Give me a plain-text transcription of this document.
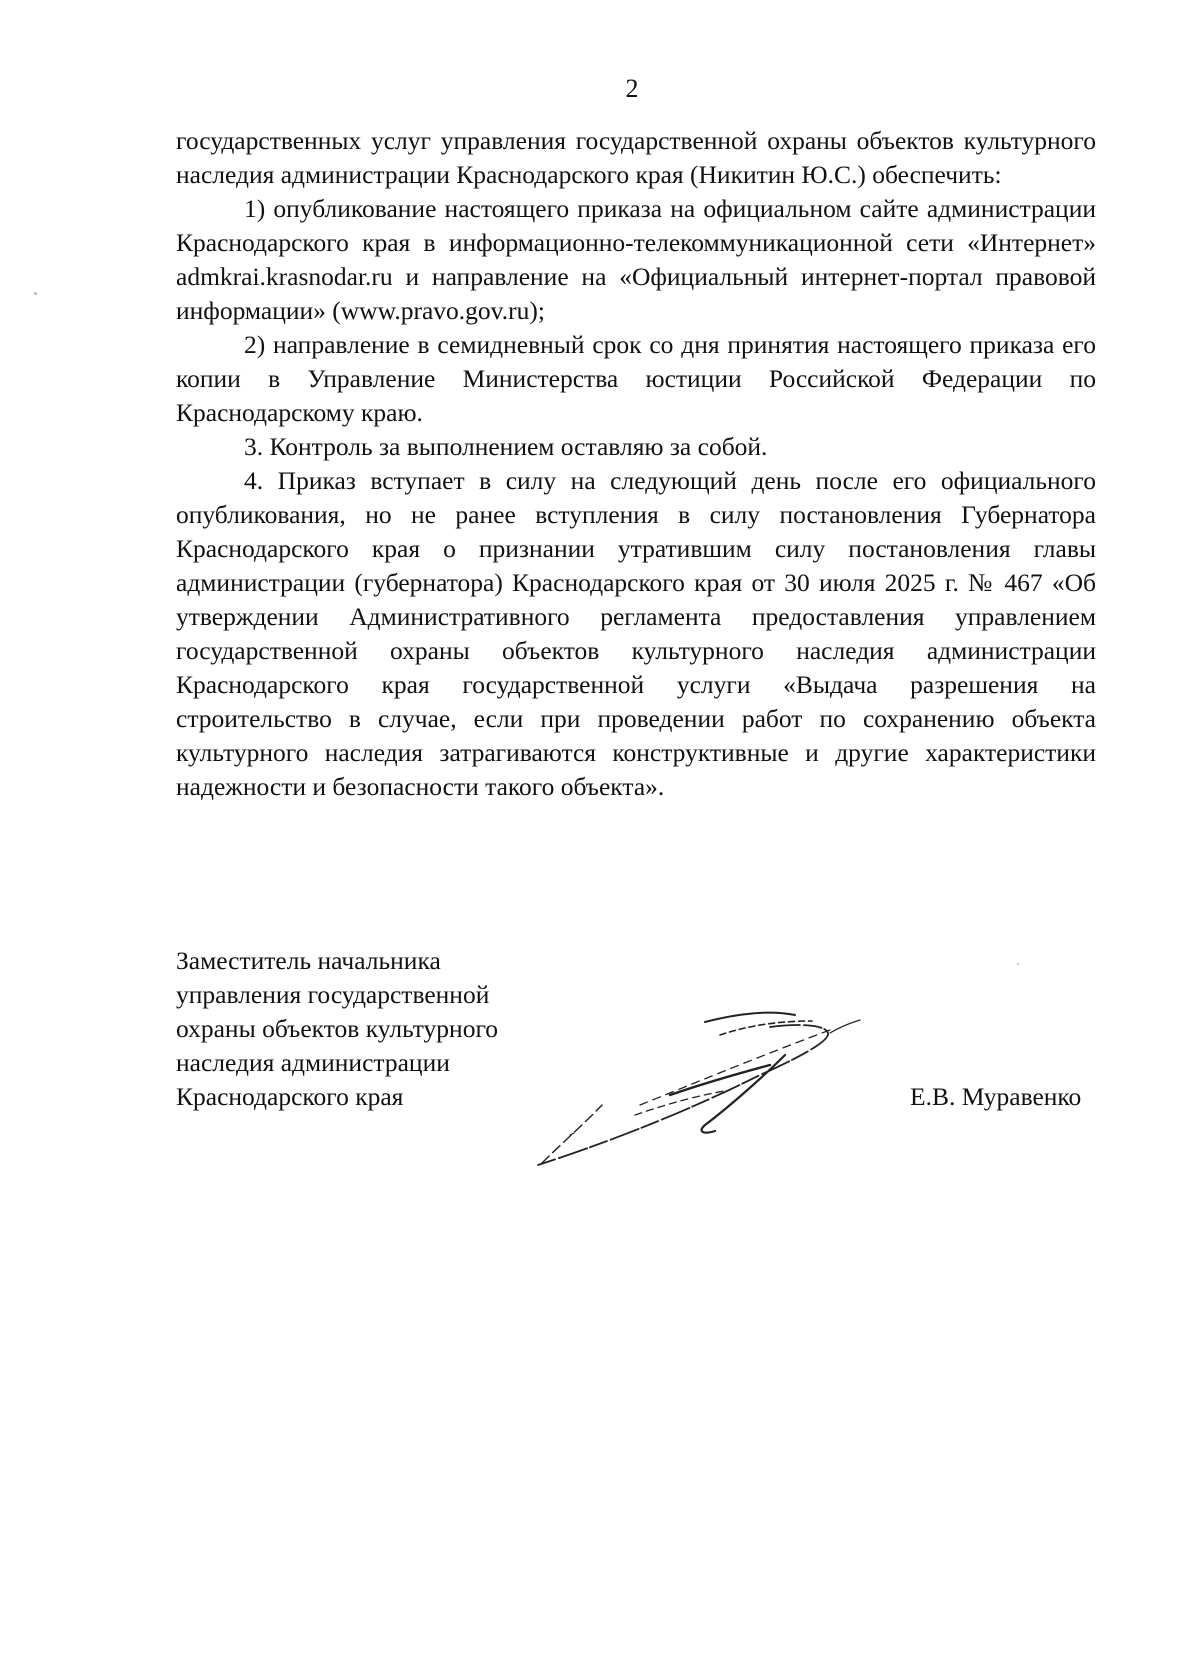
2

государственных услуг управления государственной охраны объектов культурного наследия администрации Краснодарского края (Никитин Ю.С.) обеспечить:

1) опубликование настоящего приказа на официальном сайте администрации Краснодарского края в информационно-телекоммуникационной сети «Интернет» admkrai.krasnodar.ru и направление на «Официальный интернет-портал правовой информации» (www.pravo.gov.ru);

2) направление в семидневный срок со дня принятия настоящего приказа его копии в Управление Министерства юстиции Российской Федерации по Краснодарскому краю.

3. Контроль за выполнением оставляю за собой.

4. Приказ вступает в силу на следующий день после его официального опубликования, но не ранее вступления в силу постановления Губернатора Краснодарского края о признании утратившим силу постановления главы администрации (губернатора) Краснодарского края от 30 июля 2025 г. № 467 «Об утверждении Административного регламента предоставления управлением государственной охраны объектов культурного наследия администрации Краснодарского края государственной услуги «Выдача разрешения на строительство в случае, если при проведении работ по сохранению объекта культурного наследия затрагиваются конструктивные и другие характеристики надежности и безопасности такого объекта».

Заместитель начальника
управления государственной
охраны объектов культурного
наследия администрации
Краснодарского края	Е.В. Муравенко
